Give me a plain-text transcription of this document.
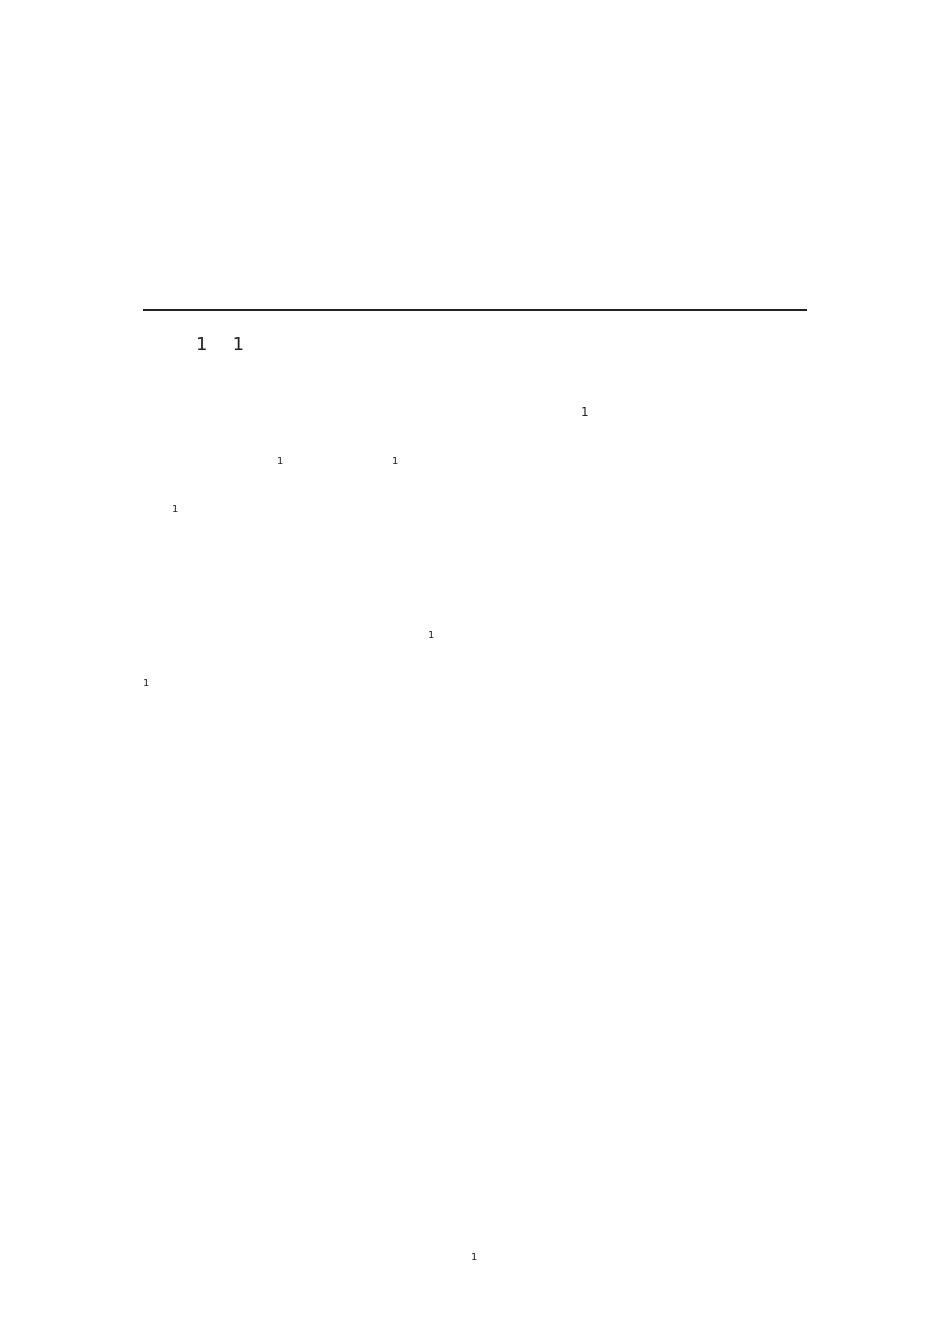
1   1
1
1	1
1

1

1

1
